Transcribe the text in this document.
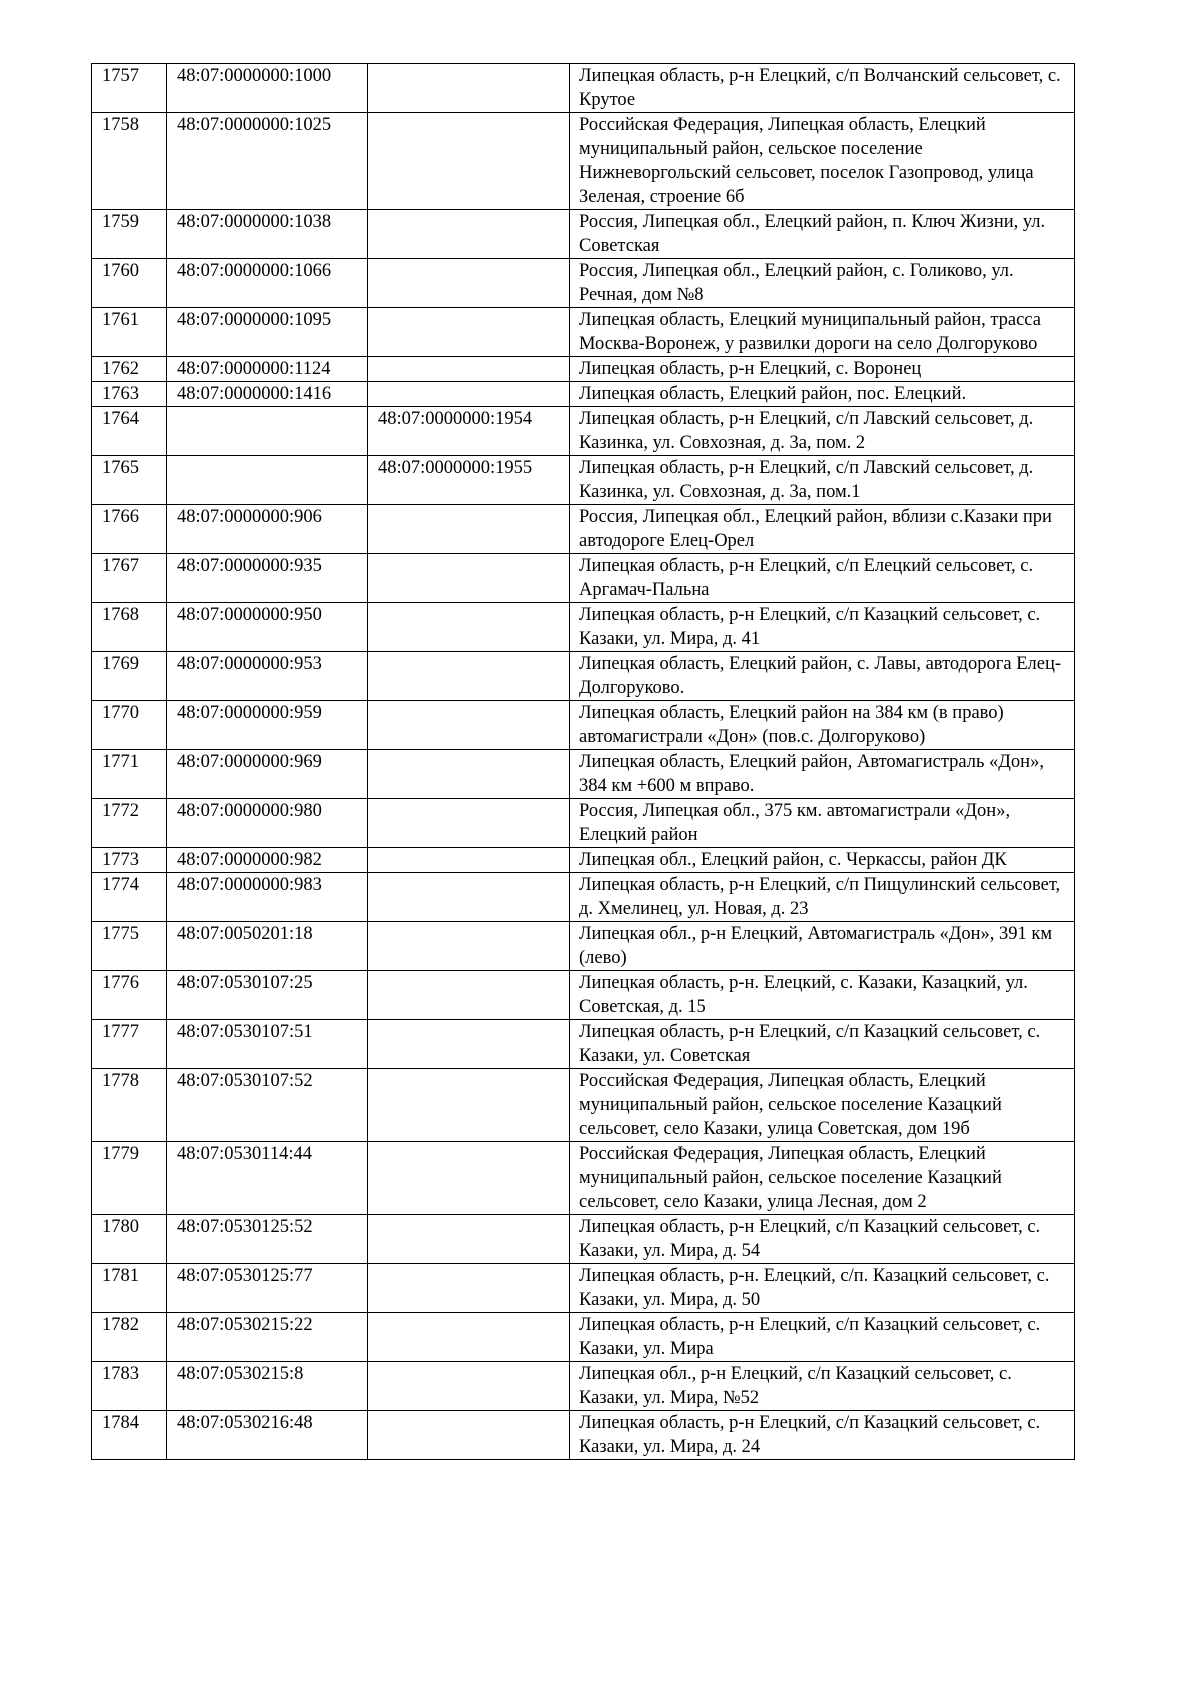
1757	48:07:0000000:1000		Липецкая область, р-н Елецкий, с/п Волчанский сельсовет, с. Крутое
1758	48:07:0000000:1025		Российская Федерация, Липецкая область, Елецкий муниципальный район, сельское поселение Нижневоргольский сельсовет, поселок Газопровод, улица Зеленая, строение 6б
1759	48:07:0000000:1038		Россия, Липецкая обл., Елецкий район, п. Ключ Жизни, ул. Советская
1760	48:07:0000000:1066		Россия, Липецкая обл., Елецкий район, с. Голиково, ул. Речная, дом №8
1761	48:07:0000000:1095		Липецкая область, Елецкий муниципальный район, трасса Москва-Воронеж, у развилки дороги на село Долгоруково
1762	48:07:0000000:1124		Липецкая область, р-н Елецкий, с. Воронец
1763	48:07:0000000:1416		Липецкая область, Елецкий район, пос. Елецкий.
1764		48:07:0000000:1954	Липецкая область, р-н Елецкий, с/п Лавский сельсовет, д. Казинка, ул. Совхозная, д. 3а, пом. 2
1765		48:07:0000000:1955	Липецкая область, р-н Елецкий, с/п Лавский сельсовет, д. Казинка, ул. Совхозная, д. 3а, пом.1
1766	48:07:0000000:906		Россия, Липецкая обл., Елецкий район, вблизи с.Казаки при автодороге Елец-Орел
1767	48:07:0000000:935		Липецкая область, р-н Елецкий, с/п Елецкий сельсовет, с. Аргамач-Пальна
1768	48:07:0000000:950		Липецкая область, р-н Елецкий, с/п Казацкий сельсовет, с. Казаки, ул. Мира, д. 41
1769	48:07:0000000:953		Липецкая область, Елецкий район, с. Лавы, автодорога Елец-Долгоруково.
1770	48:07:0000000:959		Липецкая область, Елецкий район на 384 км (в право) автомагистрали «Дон» (пов.с. Долгоруково)
1771	48:07:0000000:969		Липецкая область, Елецкий район, Автомагистраль «Дон», 384 км +600 м вправо.
1772	48:07:0000000:980		Россия, Липецкая обл., 375 км. автомагистрали «Дон», Елецкий район
1773	48:07:0000000:982		Липецкая обл., Елецкий район, с. Черкассы, район ДК
1774	48:07:0000000:983		Липецкая область, р-н Елецкий, с/п Пищулинский сельсовет, д. Хмелинец, ул. Новая, д. 23
1775	48:07:0050201:18		Липецкая обл., р-н Елецкий, Автомагистраль «Дон», 391 км (лево)
1776	48:07:0530107:25		Липецкая область, р-н. Елецкий, с. Казаки, Казацкий, ул. Советская, д. 15
1777	48:07:0530107:51		Липецкая область, р-н Елецкий, с/п Казацкий сельсовет, с. Казаки, ул. Советская
1778	48:07:0530107:52		Российская Федерация, Липецкая область, Елецкий муниципальный район, сельское поселение Казацкий сельсовет, село Казаки, улица Советская, дом 19б
1779	48:07:0530114:44		Российская Федерация, Липецкая область, Елецкий муниципальный район, сельское поселение Казацкий сельсовет, село Казаки, улица Лесная, дом 2
1780	48:07:0530125:52		Липецкая область, р-н Елецкий, с/п Казацкий сельсовет, с. Казаки, ул. Мира, д. 54
1781	48:07:0530125:77		Липецкая область, р-н. Елецкий, с/п. Казацкий сельсовет, с. Казаки, ул. Мира, д. 50
1782	48:07:0530215:22		Липецкая область, р-н Елецкий, с/п Казацкий сельсовет, с. Казаки, ул. Мира
1783	48:07:0530215:8		Липецкая обл., р-н Елецкий, с/п Казацкий сельсовет, с. Казаки, ул. Мира, №52
1784	48:07:0530216:48		Липецкая область, р-н Елецкий, с/п Казацкий сельсовет, с. Казаки, ул. Мира, д. 24
